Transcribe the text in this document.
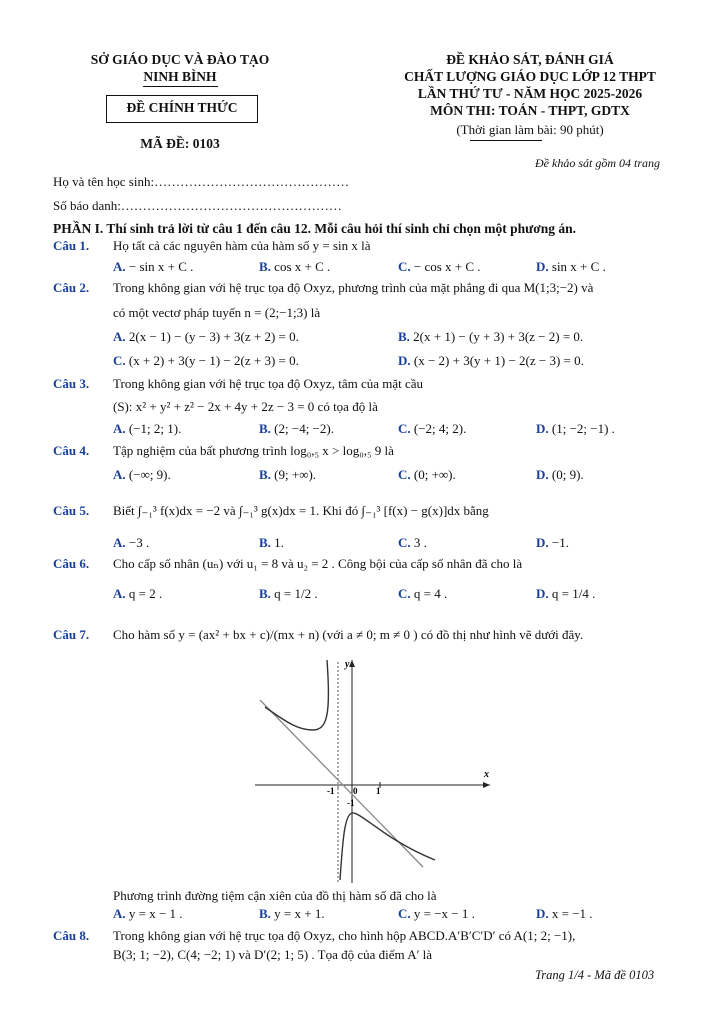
SỞ GIÁO DỤC VÀ ĐÀO TẠO
NINH BÌNH
ĐỀ CHÍNH THỨC
MÃ ĐỀ: 0103
ĐỀ KHẢO SÁT, ĐÁNH GIÁ
CHẤT LƯỢNG GIÁO DỤC LỚP 12 THPT
LẦN THỨ TƯ - NĂM HỌC 2025-2026
MÔN THI: TOÁN - THPT, GDTX
(Thời gian làm bài: 90 phút)
Đề khảo sát gồm 04 trang
Họ và tên học sinh:………………………………………
Số báo danh:……………………………………………
PHẦN I. Thí sinh trả lời từ câu 1 đến câu 12. Mỗi câu hỏi thí sinh chỉ chọn một phương án.
Câu 1. Họ tất cả các nguyên hàm của hàm số y = sin x là
A. − sin x + C .	B. cos x + C .	C. − cos x + C .	D. sin x + C .
Câu 2. Trong không gian với hệ trục tọa độ Oxyz, phương trình của mặt phẳng đi qua M(1;3;−2) và
có một vectơ pháp tuyến n = (2;−1;3) là
A. 2(x − 1) − (y − 3) + 3(z + 2) = 0.	B. 2(x + 1) − (y + 3) + 3(z − 2) = 0.
C. (x + 2) + 3(y − 1) − 2(z + 3) = 0.	D. (x − 2) + 3(y + 1) − 2(z − 3) = 0.
Câu 3. Trong không gian với hệ trục tọa độ Oxyz, tâm của mặt cầu
(S): x² + y² + z² − 2x + 4y + 2z − 3 = 0 có tọa độ là
A. (−1; 2; 1).	B. (2; −4; −2).	C. (−2; 4; 2).	D. (1; −2; −1) .
Câu 4. Tập nghiệm của bất phương trình log₀,₅ x > log₀,₅ 9 là
A. (−∞; 9).	B. (9; +∞).	C. (0; +∞).	D. (0; 9).
Câu 5. Biết ∫₋₁³ f(x)dx = −2 và ∫₋₁³ g(x)dx = 1. Khi đó ∫₋₁³ [f(x) − g(x)]dx bằng
A. −3 .	B. 1.	C. 3 .	D. −1.
Câu 6. Cho cấp số nhân (uₙ) với u₁ = 8 và u₂ = 2 . Công bội của cấp số nhân đã cho là
A. q = 2 .	B. q = 1/2 .	C. q = 4 .	D. q = 1/4 .
Câu 7. Cho hàm số y = (ax² + bx + c)/(mx + n) (với a ≠ 0; m ≠ 0 ) có đồ thị như hình vẽ dưới đây.
x
y
-1 0 1
-1
Phương trình đường tiệm cận xiên của đồ thị hàm số đã cho là
A. y = x − 1 .	B. y = x + 1.	C. y = −x − 1 .	D. x = −1 .
Câu 8. Trong không gian với hệ trục tọa độ Oxyz, cho hình hộp ABCD.A′B′C′D′ có A(1; 2; −1),
B(3; 1; −2), C(4; −2; 1) và D′(2; 1; 5) . Tọa độ của điểm A′ là
Trang 1/4 - Mã đề 0103
